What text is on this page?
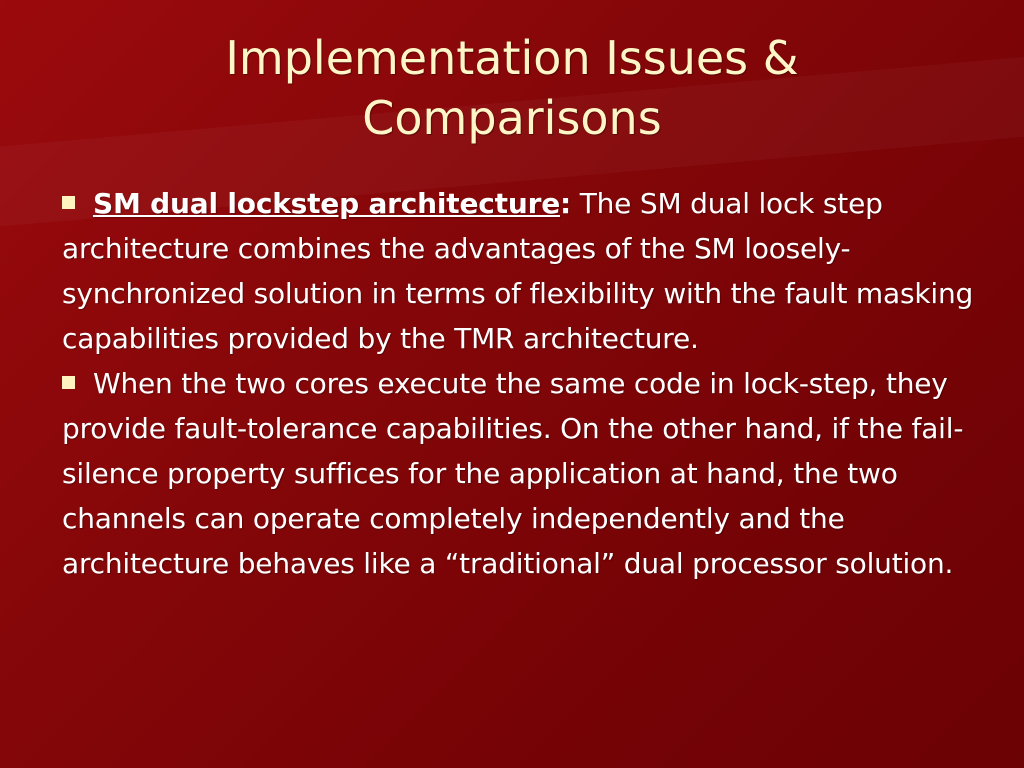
Implementation Issues &
Comparisons

SM dual lockstep architecture: The SM dual lock step architecture combines the advantages of the SM loosely-synchronized solution in terms of flexibility with the fault masking capabilities provided by the TMR architecture.

When the two cores execute the same code in lock-step, they provide fault-tolerance capabilities. On the other hand, if the fail-silence property suffices for the application at hand, the two channels can operate completely independently and the architecture behaves like a “traditional” dual processor solution.
